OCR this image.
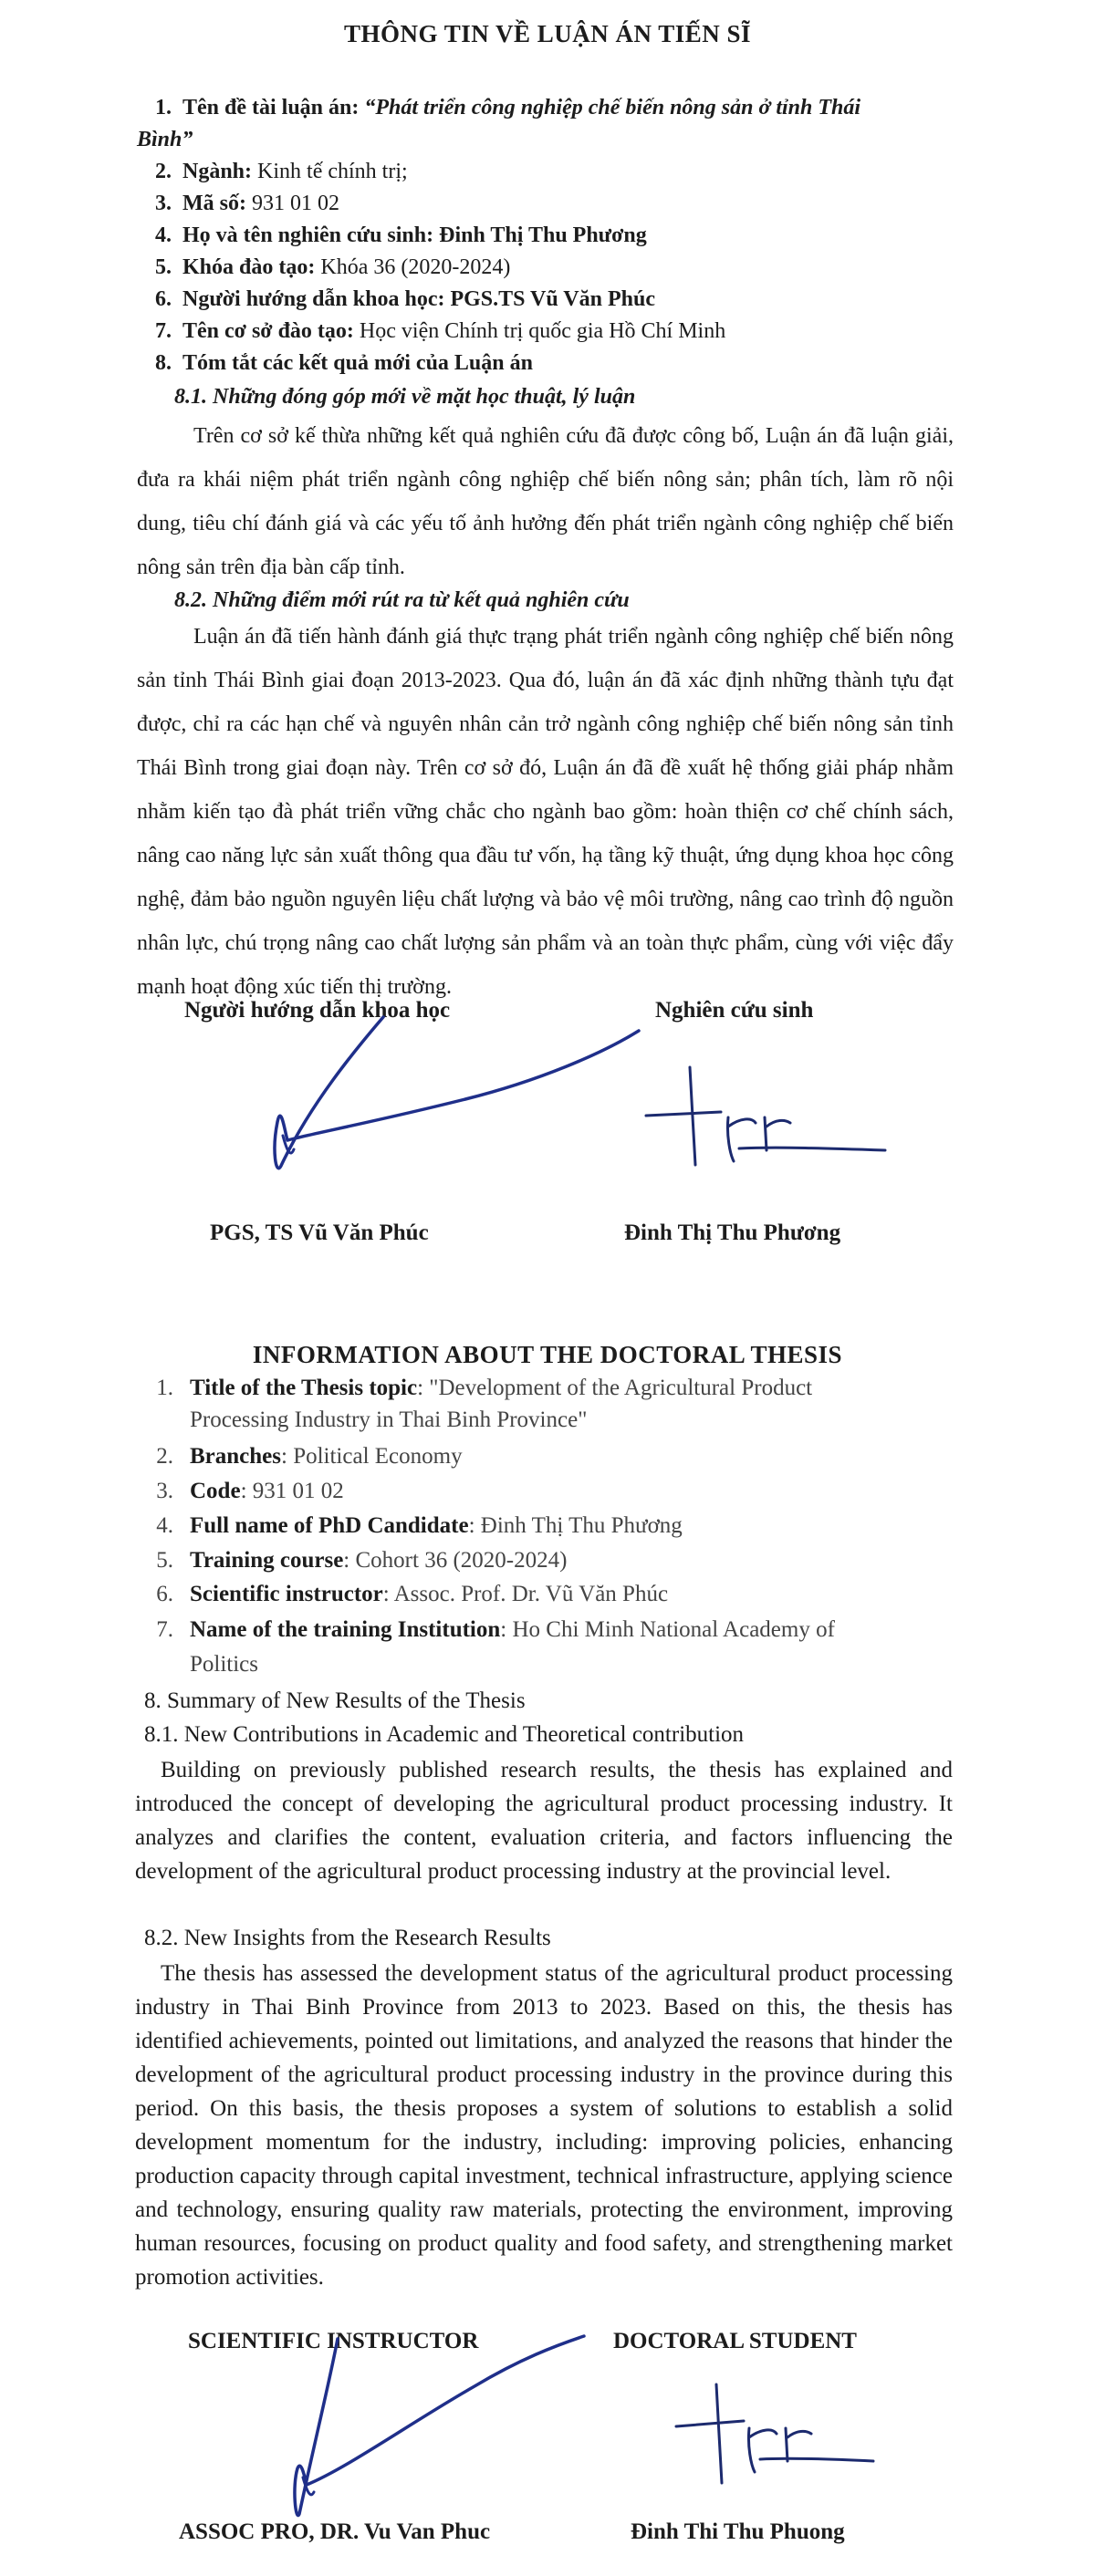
THÔNG TIN VỀ LUẬN ÁN TIẾN SĨ
1. Tên đề tài luận án: “Phát triển công nghiệp chế biến nông sản ở tỉnh Thái
Bình”
2. Ngành: Kinh tế chính trị;
3. Mã số: 931 01 02
4. Họ và tên nghiên cứu sinh: Đinh Thị Thu Phương
5. Khóa đào tạo: Khóa 36 (2020-2024)
6. Người hướng dẫn khoa học: PGS.TS Vũ Văn Phúc
7. Tên cơ sở đào tạo: Học viện Chính trị quốc gia Hồ Chí Minh
8. Tóm tắt các kết quả mới của Luận án
8.1. Những đóng góp mới về mặt học thuật, lý luận
Trên cơ sở kế thừa những kết quả nghiên cứu đã được công bố, Luận án đã luận giải, đưa ra khái niệm phát triển ngành công nghiệp chế biến nông sản; phân tích, làm rõ nội dung, tiêu chí đánh giá và các yếu tố ảnh hưởng đến phát triển ngành công nghiệp chế biến nông sản trên địa bàn cấp tỉnh.
8.2. Những điểm mới rút ra từ kết quả nghiên cứu
Luận án đã tiến hành đánh giá thực trạng phát triển ngành công nghiệp chế biến nông sản tỉnh Thái Bình giai đoạn 2013-2023. Qua đó, luận án đã xác định những thành tựu đạt được, chỉ ra các hạn chế và nguyên nhân cản trở ngành công nghiệp chế biến nông sản tỉnh Thái Bình trong giai đoạn này. Trên cơ sở đó, Luận án đã đề xuất hệ thống giải pháp nhằm nhằm kiến tạo đà phát triển vững chắc cho ngành bao gồm: hoàn thiện cơ chế chính sách, nâng cao năng lực sản xuất thông qua đầu tư vốn, hạ tầng kỹ thuật, ứng dụng khoa học công nghệ, đảm bảo nguồn nguyên liệu chất lượng và bảo vệ môi trường, nâng cao trình độ nguồn nhân lực, chú trọng nâng cao chất lượng sản phẩm và an toàn thực phẩm, cùng với việc đẩy mạnh hoạt động xúc tiến thị trường.
Người hướng dẫn khoa học	Nghiên cứu sinh
PGS, TS Vũ Văn Phúc	Đinh Thị Thu Phương
INFORMATION ABOUT THE DOCTORAL THESIS
1. Title of the Thesis topic: "Development of the Agricultural Product
Processing Industry in Thai Binh Province"
2. Branches: Political Economy
3. Code: 931 01 02
4. Full name of PhD Candidate: Đinh Thị Thu Phương
5. Training course: Cohort 36 (2020-2024)
6. Scientific instructor: Assoc. Prof. Dr. Vũ Văn Phúc
7. Name of the training Institution: Ho Chi Minh National Academy of
Politics
8. Summary of New Results of the Thesis
8.1. New Contributions in Academic and Theoretical contribution
Building on previously published research results, the thesis has explained and introduced the concept of developing the agricultural product processing industry. It analyzes and clarifies the content, evaluation criteria, and factors influencing the development of the agricultural product processing industry at the provincial level.
8.2. New Insights from the Research Results
The thesis has assessed the development status of the agricultural product processing industry in Thai Binh Province from 2013 to 2023. Based on this, the thesis has identified achievements, pointed out limitations, and analyzed the reasons that hinder the development of the agricultural product processing industry in the province during this period. On this basis, the thesis proposes a system of solutions to establish a solid development momentum for the industry, including: improving policies, enhancing production capacity through capital investment, technical infrastructure, applying science and technology, ensuring quality raw materials, protecting the environment, improving human resources, focusing on product quality and food safety, and strengthening market promotion activities.
SCIENTIFIC INSTRUCTOR	DOCTORAL STUDENT
ASSOC PRO, DR. Vu Van Phuc	Đinh Thi Thu Phuong
